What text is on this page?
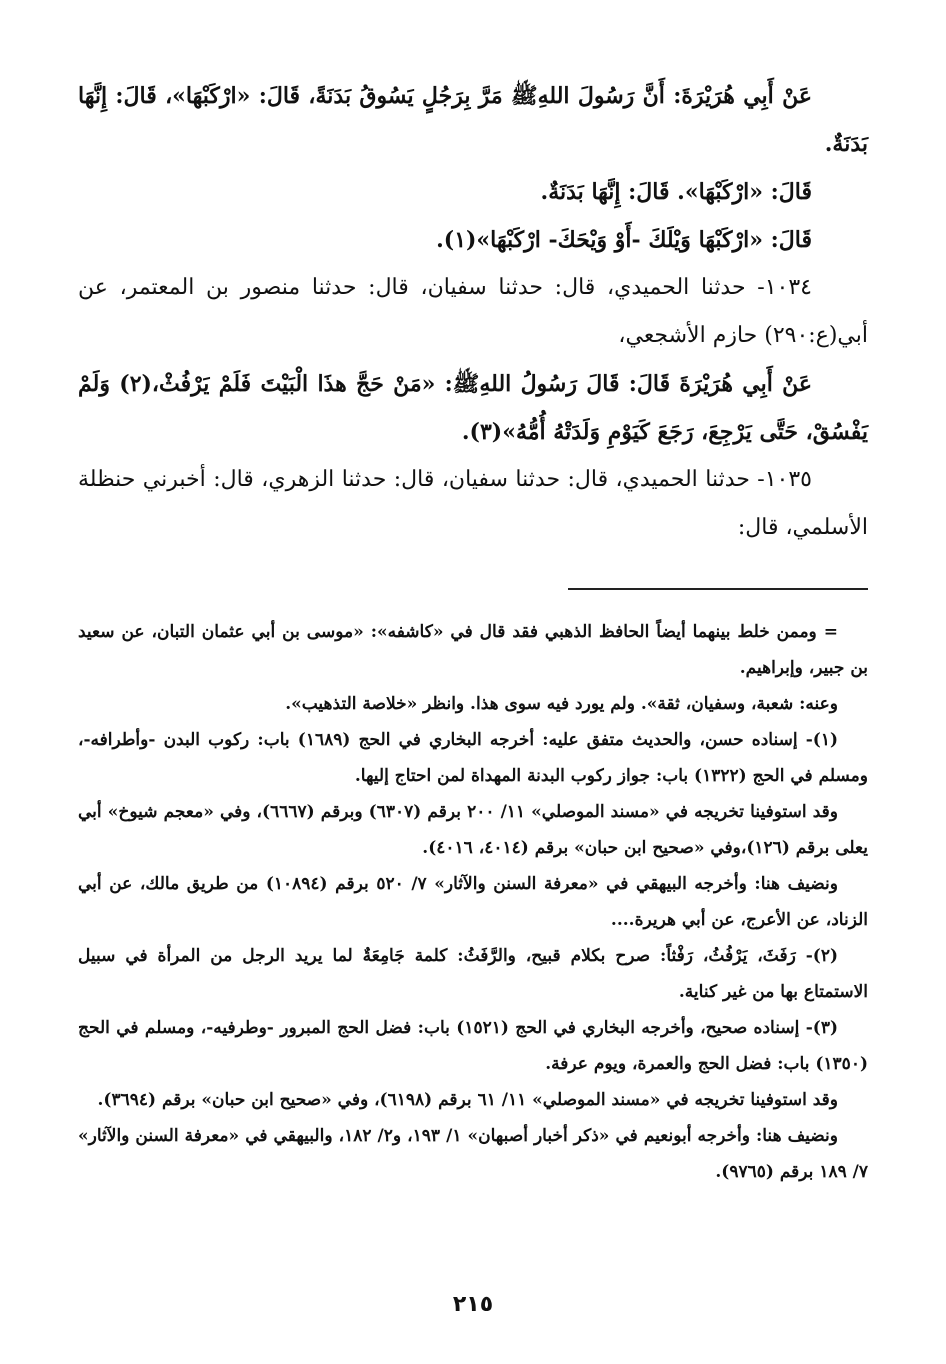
عَنْ أَبِي هُرَيْرَةَ: أَنَّ رَسُولَ اللهِﷺ مَرَّ بِرَجُلٍ يَسُوقُ بَدَنَةً، قَالَ: «ارْكَبْهَا»، قَالَ: إِنَّهَا بَدَنَةٌ.

قَالَ: «ارْكَبْهَا». قَالَ: إِنَّهَا بَدَنَةٌ.

قَالَ: «ارْكَبْهَا وَيْلَكَ -أَوْ وَيْحَكَ- ارْكَبْهَا»(١).

١٠٣٤- حدثنا الحميدي، قال: حدثنا سفيان، قال: حدثنا منصور بن المعتمر، عن أبي(ع:٢٩٠) حازم الأشجعي،

عَنْ أَبِي هُرَيْرَةَ قَالَ: قَالَ رَسُولُ اللهِﷺ: «مَنْ حَجَّ هذَا الْبَيْتَ فَلَمْ يَرْفُثْ،(٢) وَلَمْ يَفْسُقْ، حَتَّى يَرْجِعَ، رَجَعَ كَيَوْمِ وَلَدَتْهُ أُمُّهُ»(٣).

١٠٣٥- حدثنا الحميدي، قال: حدثنا سفيان، قال: حدثنا الزهري، قال: أخبرني حنظلة الأسلمي، قال:

= وممن خلط بينهما أيضاً الحافظ الذهبي فقد قال في «كاشفه»: «موسى بن أبي عثمان التبان، عن سعيد بن جبير، وإبراهيم.

وعنه: شعبة، وسفيان، ثقة». ولم يورد فيه سوى هذا. وانظر «خلاصة التذهيب».

(١)- إسناده حسن، والحديث متفق عليه: أخرجه البخاري في الحج (١٦٨٩) باب: ركوب البدن -وأطرافه-، ومسلم في الحج (١٣٢٢) باب: جواز ركوب البدنة المهداة لمن احتاج إليها.

وقد استوفينا تخريجه في «مسند الموصلي» ١١/ ٢٠٠ برقم (٦٣٠٧) وبرقم (٦٦٦٧)، وفي «معجم شيوخ» أبي يعلى برقم (١٢٦)،وفي «صحيح ابن حبان» برقم (٤٠١٤، ٤٠١٦).

ونضيف هنا: وأخرجه البيهقي في «معرفة السنن والآثار» ٧/ ٥٢٠ برقم (١٠٨٩٤) من طريق مالك، عن أبي الزناد، عن الأعرج، عن أبي هريرة....

(٢)- رَفَثَ، يَرْفُثُ، رَفْثاً: صرح بكلام قبيح، والرَّفَثُ: كلمة جَامِعَةٌ لما يريد الرجل من المرأة في سبيل الاستمتاع بها من غير كناية.

(٣)- إسناده صحيح، وأخرجه البخاري في الحج (١٥٢١) باب: فضل الحج المبرور -وطرفيه-، ومسلم في الحج (١٣٥٠) باب: فضل الحج والعمرة، ويوم عرفة.

وقد استوفينا تخريجه في «مسند الموصلي» ١١/ ٦١ برقم (٦١٩٨)، وفي «صحيح ابن حبان» برقم (٣٦٩٤).

ونضيف هنا: وأخرجه أبونعيم في «ذكر أخبار أصبهان» ١/ ١٩٣، و٢/ ١٨٢، والبيهقي في «معرفة السنن والآثار» ٧/ ١٨٩ برقم (٩٧٦٥).

٢١٥
